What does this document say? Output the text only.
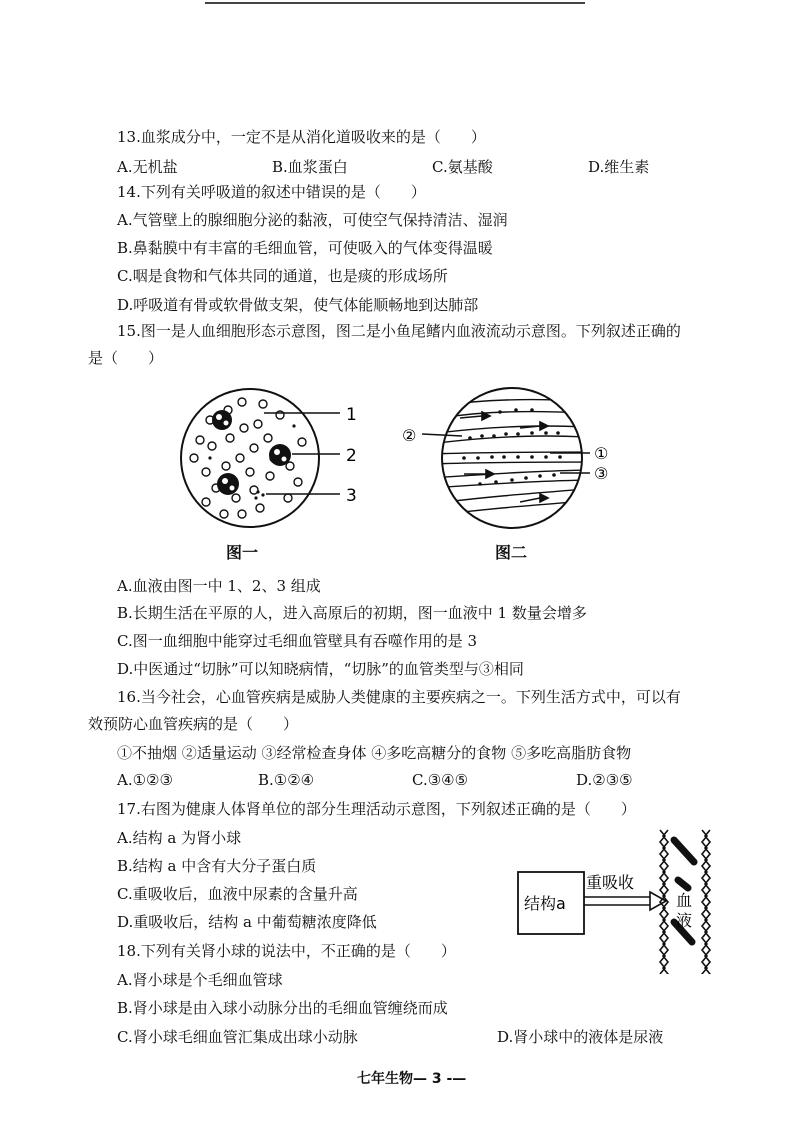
13.血浆成分中，一定不是从消化道吸收来的是（　　）
A.无机盐	B.血浆蛋白	C.氨基酸	D.维生素
14.下列有关呼吸道的叙述中错误的是（　　）
A.气管壁上的腺细胞分泌的黏液，可使空气保持清洁、湿润
B.鼻黏膜中有丰富的毛细血管，可使吸入的气体变得温暖
C.咽是食物和气体共同的通道，也是痰的形成场所
D.呼吸道有骨或软骨做支架，使气体能顺畅地到达肺部
15.图一是人血细胞形态示意图，图二是小鱼尾鳍内血液流动示意图。下列叙述正确的
是（　　）
1
2
3
图一
②
①
③
图二
A.血液由图一中 1、2、3 组成
B.长期生活在平原的人，进入高原后的初期，图一血液中 1 数量会增多
C.图一血细胞中能穿过毛细血管壁具有吞噬作用的是 3
D.中医通过“切脉”可以知晓病情，“切脉”的血管类型与③相同
16.当今社会，心血管疾病是威胁人类健康的主要疾病之一。下列生活方式中，可以有
效预防心血管疾病的是（　　）
①不抽烟 ②适量运动 ③经常检查身体 ④多吃高糖分的食物 ⑤多吃高脂肪食物
A.①②③	B.①②④	C.③④⑤	D.②③⑤
17.右图为健康人体肾单位的部分生理活动示意图，下列叙述正确的是（　　）
A.结构 a 为肾小球
B.结构 a 中含有大分子蛋白质
C.重吸收后，血液中尿素的含量升高
D.重吸收后，结构 a 中葡萄糖浓度降低
结构a
重吸收
血
液
18.下列有关肾小球的说法中，不正确的是（　　）
A.肾小球是个毛细血管球
B.肾小球是由入球小动脉分出的毛细血管缠绕而成
C.肾小球毛细血管汇集成出球小动脉	D.肾小球中的液体是尿液
七年生物— 3 -—
